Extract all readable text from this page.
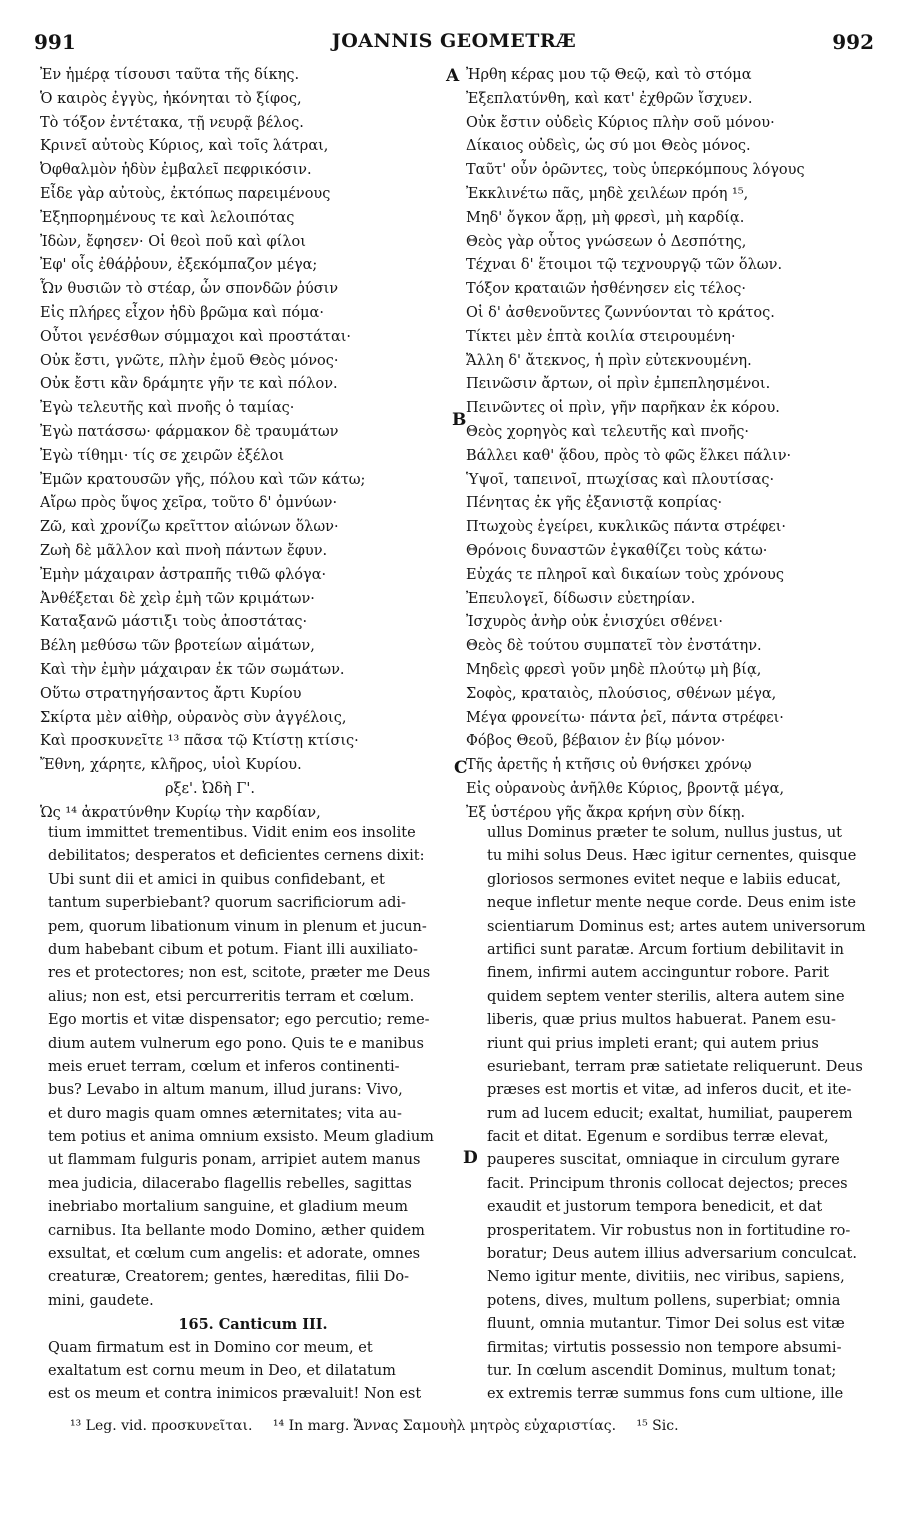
991	JOANNIS GEOMETRÆ	992
A
B
C
D
Ἐν ἡμέρᾳ τίσουσι ταῦτα τῆς δίκης.
Ὁ καιρὸς ἐγγὺς, ἠκόνηται τὸ ξίφος,
Τὸ τόξον ἐντέτακα, τῇ νευρᾷ βέλος.
Κρινεῖ αὐτοὺς Κύριος, καὶ τοῖς λάτραι,
Ὀφθαλμὸν ἡδὺν ἐμβαλεῖ πεφρικόσιν.
Εἶδε γὰρ αὐτοὺς, ἐκτόπως παρειμένους
Ἐξηπορημένους τε καὶ λελοιπότας
Ἰδὼν, ἔφησεν· Οἱ θεοὶ ποῦ καὶ φίλοι
Ἐφ' οἷς ἐθάῤῥουν, ἐξεκόμπαζον μέγα;
Ὧν θυσιῶν τὸ στέαρ, ὧν σπονδῶν ῥύσιν
Εἰς πλήρες εἶχον ἡδὺ βρῶμα καὶ πόμα·
Οὗτοι γενέσθων σύμμαχοι καὶ προστάται·
Οὐκ ἔστι, γνῶτε, πλὴν ἐμοῦ Θεὸς μόνος·
Οὐκ ἔστι κἂν δράμητε γῆν τε καὶ πόλον.
Ἐγὼ τελευτῆς καὶ πνοῆς ὁ ταμίας·
Ἐγὼ πατάσσω· φάρμακον δὲ τραυμάτων
Ἐγὼ τίθημι· τίς σε χειρῶν ἐξέλοι
Ἐμῶν κρατουσῶν γῆς, πόλου καὶ τῶν κάτω;
Αἴρω πρὸς ὕψος χεῖρα, τοῦτο δ' ὀμνύων·
Ζῶ, καὶ χρονίζω κρεῖττον αἰώνων ὅλων·
Ζωὴ δὲ μᾶλλον καὶ πνοὴ πάντων ἔφυν.
Ἐμὴν μάχαιραν ἀστραπῆς τιθῶ φλόγα·
Ἀνθέξεται δὲ χεὶρ ἐμὴ τῶν κριμάτων·
Καταξανῶ μάστιξι τοὺς ἀποστάτας·
Βέλη μεθύσω τῶν βροτείων αἱμάτων,
Καὶ τὴν ἐμὴν μάχαιραν ἐκ τῶν σωμάτων.
Οὕτω στρατηγήσαντος ἄρτι Κυρίου
Σκίρτα μὲν αἰθὴρ, οὐρανὸς σὺν ἀγγέλοις,
Καὶ προσκυνεῖτε ¹³ πᾶσα τῷ Κτίστῃ κτίσις·
Ἔθνη, χάρητε, κλῆρος, υἱοὶ Κυρίου.
ρξε'. Ὠδὴ Γ'.
Ὡς ¹⁴ ἀκρατύνθην Κυρίῳ τὴν καρδίαν,
Ἠρθη κέρας μου τῷ Θεῷ, καὶ τὸ στόμα
Ἐξεπλατύνθη, καὶ κατ' ἐχθρῶν ἴσχυεν.
Οὐκ ἔστιν οὐδεὶς Κύριος πλὴν σοῦ μόνου·
Δίκαιος οὐδεὶς, ὡς σύ μοι Θεὸς μόνος.
Ταῦτ' οὖν ὁρῶντες, τοὺς ὑπερκόμπους λόγους
Ἐκκλινέτω πᾶς, μηδὲ χειλέων πρόη ¹⁵,
Μηδ' ὄγκον ἄρῃ, μὴ φρεσὶ, μὴ καρδίᾳ.
Θεὸς γὰρ οὗτος γνώσεων ὁ Δεσπότης,
Τέχναι δ' ἕτοιμοι τῷ τεχνουργῷ τῶν ὅλων.
Τόξον κραταιῶν ἠσθένησεν εἰς τέλος·
Οἱ δ' ἀσθενοῦντες ζωννύονται τὸ κράτος.
Τίκτει μὲν ἑπτὰ κοιλία στειρουμένη·
Ἄλλη δ' ἄτεκνος, ἡ πρὶν εὐτεκνουμένη.
Πεινῶσιν ἄρτων, οἱ πρὶν ἐμπεπλησμένοι.
Πεινῶντες οἱ πρὶν, γῆν παρῆκαν ἐκ κόρου.
Θεὸς χορηγὸς καὶ τελευτῆς καὶ πνοῆς·
Βάλλει καθ' ᾅδου, πρὸς τὸ φῶς ἕλκει πάλιν·
Ὑψοῖ, ταπεινοῖ, πτωχίσας καὶ πλουτίσας·
Πένητας ἐκ γῆς ἐξανιστᾷ κοπρίας·
Πτωχοὺς ἐγείρει, κυκλικῶς πάντα στρέφει·
Θρόνοις δυναστῶν ἐγκαθίζει τοὺς κάτω·
Εὐχάς τε πληροῖ καὶ δικαίων τοὺς χρόνους
Ἐπευλογεῖ, δίδωσιν εὐετηρίαν.
Ἰσχυρὸς ἀνὴρ οὐκ ἐνισχύει σθένει·
Θεὸς δὲ τούτου συμπατεῖ τὸν ἐνστάτην.
Μηδεὶς φρεσὶ γοῦν μηδὲ πλούτῳ μὴ βίᾳ,
Σοφὸς, κραταιὸς, πλούσιος, σθένων μέγα,
Μέγα φρονείτω· πάντα ῥεῖ, πάντα στρέφει·
Φόβος Θεοῦ, βέβαιον ἐν βίῳ μόνον·
Τῆς ἀρετῆς ἡ κτῆσις οὐ θνήσκει χρόνῳ
Εἰς οὐρανοὺς ἀνῆλθε Κύριος, βροντᾷ μέγα,
Ἐξ ὑστέρου γῆς ἄκρα κρήνη σὺν δίκῃ.
tium immittet trementibus. Vidit enim eos insolite
debilitatos; desperatos et deficientes cernens dixit:
Ubi sunt dii et amici in quibus confidebant, et
tantum superbiebant? quorum sacrificiorum adi-
pem, quorum libationum vinum in plenum et jucun-
dum habebant cibum et potum. Fiant illi auxiliato-
res et protectores; non est, scitote, præter me Deus
alius; non est, etsi percurreritis terram et cœlum.
Ego mortis et vitæ dispensator; ego percutio; reme-
dium autem vulnerum ego pono. Quis te e manibus
meis eruet terram, cœlum et inferos continenti-
bus? Levabo in altum manum, illud jurans: Vivo,
et duro magis quam omnes æternitates; vita au-
tem potius et anima omnium exsisto. Meum gladium
ut flammam fulguris ponam, arripiet autem manus
mea judicia, dilacerabo flagellis rebelles, sagittas
inebriabo mortalium sanguine, et gladium meum
carnibus. Ita bellante modo Domino, æther quidem
exsultat, et cœlum cum angelis: et adorate, omnes
creaturæ, Creatorem; gentes, hæreditas, filii Do-
mini, gaudete.
165. Canticum III.
Quam firmatum est in Domino cor meum, et
exaltatum est cornu meum in Deo, et dilatatum
est os meum et contra inimicos prævaluit! Non est
ullus Dominus præter te solum, nullus justus, ut
tu mihi solus Deus. Hæc igitur cernentes, quisque
gloriosos sermones evitet neque e labiis educat,
neque infletur mente neque corde. Deus enim iste
scientiarum Dominus est; artes autem universorum
artifici sunt paratæ. Arcum fortium debilitavit in
finem, infirmi autem accinguntur robore. Parit
quidem septem venter sterilis, altera autem sine
liberis, quæ prius multos habuerat. Panem esu-
riunt qui prius impleti erant; qui autem prius
esuriebant, terram præ satietate reliquerunt. Deus
præses est mortis et vitæ, ad inferos ducit, et ite-
rum ad lucem educit; exaltat, humiliat, pauperem
facit et ditat. Egenum e sordibus terræ elevat,
pauperes suscitat, omniaque in circulum gyrare
facit. Principum thronis collocat dejectos; preces
exaudit et justorum tempora benedicit, et dat
prosperitatem. Vir robustus non in fortitudine ro-
boratur; Deus autem illius adversarium conculcat.
Nemo igitur mente, divitiis, nec viribus, sapiens,
potens, dives, multum pollens, superbiat; omnia
fluunt, omnia mutantur. Timor Dei solus est vitæ
firmitas; virtutis possessio non tempore absumi-
tur. In cœlum ascendit Dominus, multum tonat;
ex extremis terræ summus fons cum ultione, ille
¹³ Leg. vid. προσκυνεῖται. ¹⁴ In marg. Ἄννας Σαμουὴλ μητρὸς εὐχαριστίας. ¹⁵ Sic.
